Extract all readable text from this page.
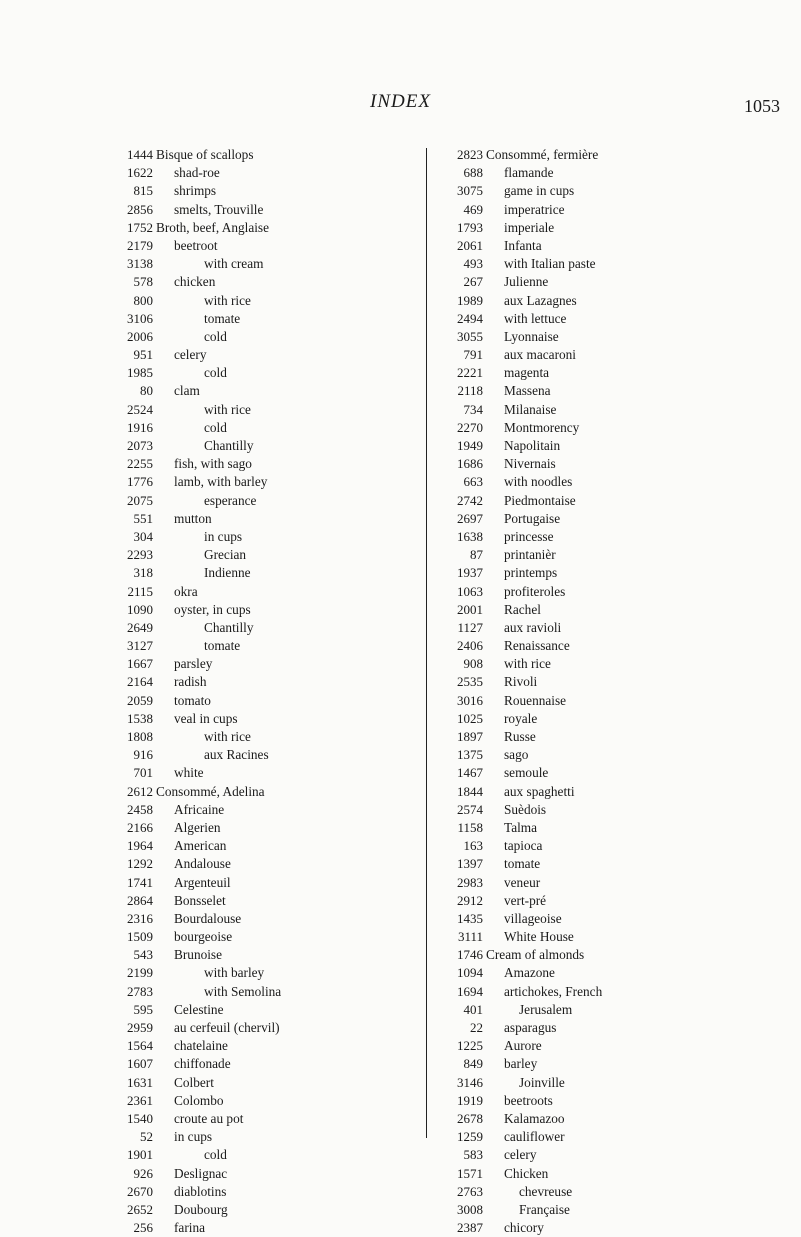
INDEX	1053
1444 Bisque of scallops
1622 shad-roe
815 shrimps
2856 smelts, Trouville
1752 Broth, beef, Anglaise
2179 beetroot
3138	with cream
578 chicken
800	with rice
3106	tomate
2006	cold
951 celery
1985	cold
80 clam
2524	with rice
1916	cold
2073	Chantilly
2255 fish, with sago
1776 lamb, with barley
2075	esperance
551 mutton
304	in cups
2293	Grecian
318	Indienne
2115 okra
1090 oyster, in cups
2649	Chantilly
3127	tomate
1667 parsley
2164 radish
2059 tomato
1538 veal in cups
1808	with rice
916	aux Racines
701 white
2612 Consommé, Adelina
2458 Africaine
2166 Algerien
1964 American
1292 Andalouse
1741 Argenteuil
2864 Bonsselet
2316 Bourdalouse
1509 bourgeoise
543 Brunoise
2199	with barley
2783	with Semolina
595 Celestine
2959 au cerfeuil (chervil)
1564 chatelaine
1607 chiffonade
1631 Colbert
2361 Colombo
1540 croute au pot
52 in cups
1901	cold
926 Deslignac
2670 diablotins
2652 Doubourg
256 farina
2823 Consommé, fermière
688 flamande
3075 game in cups
469 imperatrice
1793 imperiale
2061 Infanta
493 with Italian paste
267 Julienne
1989 aux Lazagnes
2494 with lettuce
3055 Lyonnaise
791 aux macaroni
2221 magenta
2118 Massena
734 Milanaise
2270 Montmorency
1949 Napolitain
1686 Nivernais
663 with noodles
2742 Piedmontaise
2697 Portugaise
1638 princesse
87 printanièr
1937 printemps
1063 profiteroles
2001 Rachel
1127 aux ravioli
2406 Renaissance
908 with rice
2535 Rivoli
3016 Rouennaise
1025 royale
1897 Russe
1375 sago
1467 semoule
1844 aux spaghetti
2574 Suèdois
1158 Talma
163 tapioca
1397 tomate
2983 veneur
2912 vert-pré
1435 villageoise
3111 White House
1746 Cream of almonds
1094 Amazone
1694 artichokes, French
401	Jerusalem
22 asparagus
1225 Aurore
849 barley
3146	Joinville
1919 beetroots
2678 Kalamazoo
1259 cauliflower
583 celery
1571 Chicken
2763	chevreuse
3008	Française
2387 chicory
